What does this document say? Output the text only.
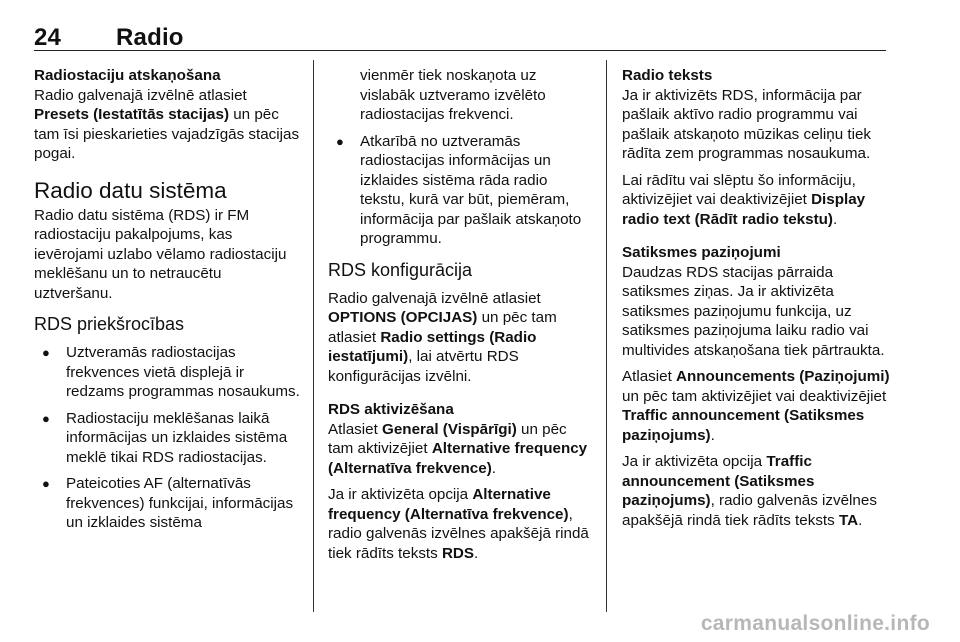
24 Radio

Radiostaciju atskaņošana

Radio galvenajā izvēlnē atlasiet Presets (Iestatītās stacijas) un pēc tam īsi pieskarieties vajadzīgās stacijas pogai.

Radio datu sistēma

Radio datu sistēma (RDS) ir FM radiostaciju pakalpojums, kas ievērojami uzlabo vēlamo radiostaciju meklēšanu un to netraucētu uztveršanu.

RDS priekšrocības
● Uztveramās radiostacijas frekvences vietā displejā ir redzams programmas nosaukums.
● Radiostaciju meklēšanas laikā informācijas un izklaides sistēma meklē tikai RDS radiostacijas.
● Pateicoties AF (alternatīvās frekvences) funkcijai, informācijas un izklaides sistēma

vienmēr tiek noskaņota uz vislabāk uztveramo izvēlēto radiostacijas frekvenci.

● Atkarībā no uztveramās radiostacijas informācijas un izklaides sistēma rāda radio tekstu, kurā var būt, piemēram, informācija par pašlaik atskaņoto programmu.
RDS konfigurācija

Radio galvenajā izvēlnē atlasiet OPTIONS (OPCIJAS) un pēc tam atlasiet Radio settings (Radio iestatījumi), lai atvērtu RDS konfigurācijas izvēlni.

RDS aktivizēšana

Atlasiet General (Vispārīgi) un pēc tam aktivizējiet Alternative frequency (Alternatīva frekvence).

Ja ir aktivizēta opcija Alternative frequency (Alternatīva frekvence), radio galvenās izvēlnes apakšējā rindā tiek rādīts teksts RDS.

Radio teksts

Ja ir aktivizēts RDS, informācija par pašlaik aktīvo radio programmu vai pašlaik atskaņoto mūzikas celiņu tiek rādīta zem programmas nosaukuma.

Lai rādītu vai slēptu šo informāciju, aktivizējiet vai deaktivizējiet Display radio text (Rādīt radio tekstu).

Satiksmes paziņojumi

Daudzas RDS stacijas pārraida satiksmes ziņas. Ja ir aktivizēta satiksmes paziņojumu funkcija, uz satiksmes paziņojuma laiku radio vai multivides atskaņošana tiek pārtraukta.

Atlasiet Announcements (Paziņojumi) un pēc tam aktivizējiet vai deaktivizējiet Traffic announcement (Satiksmes paziņojums).

Ja ir aktivizēta opcija Traffic announcement (Satiksmes paziņojums), radio galvenās izvēlnes apakšējā rindā tiek rādīts teksts TA.

carmanualsonline.info
